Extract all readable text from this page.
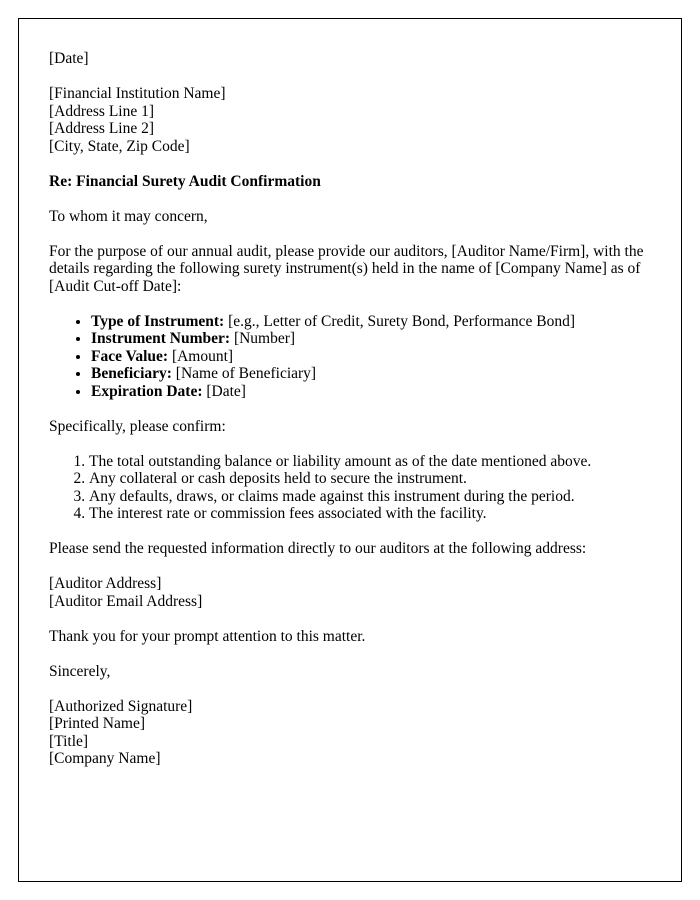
[Date]

[Financial Institution Name]
[Address Line 1]
[Address Line 2]
[City, State, Zip Code]

Re: Financial Surety Audit Confirmation

To whom it may concern,

For the purpose of our annual audit, please provide our auditors, [Auditor Name/Firm], with the details regarding the following surety instrument(s) held in the name of [Company Name] as of [Audit Cut-off Date]:

• Type of Instrument: [e.g., Letter of Credit, Surety Bond, Performance Bond]
• Instrument Number: [Number]
• Face Value: [Amount]
• Beneficiary: [Name of Beneficiary]
• Expiration Date: [Date]

Specifically, please confirm:

1. The total outstanding balance or liability amount as of the date mentioned above.
2. Any collateral or cash deposits held to secure the instrument.
3. Any defaults, draws, or claims made against this instrument during the period.
4. The interest rate or commission fees associated with the facility.

Please send the requested information directly to our auditors at the following address:

[Auditor Address]
[Auditor Email Address]

Thank you for your prompt attention to this matter.

Sincerely,

[Authorized Signature]
[Printed Name]
[Title]
[Company Name]
